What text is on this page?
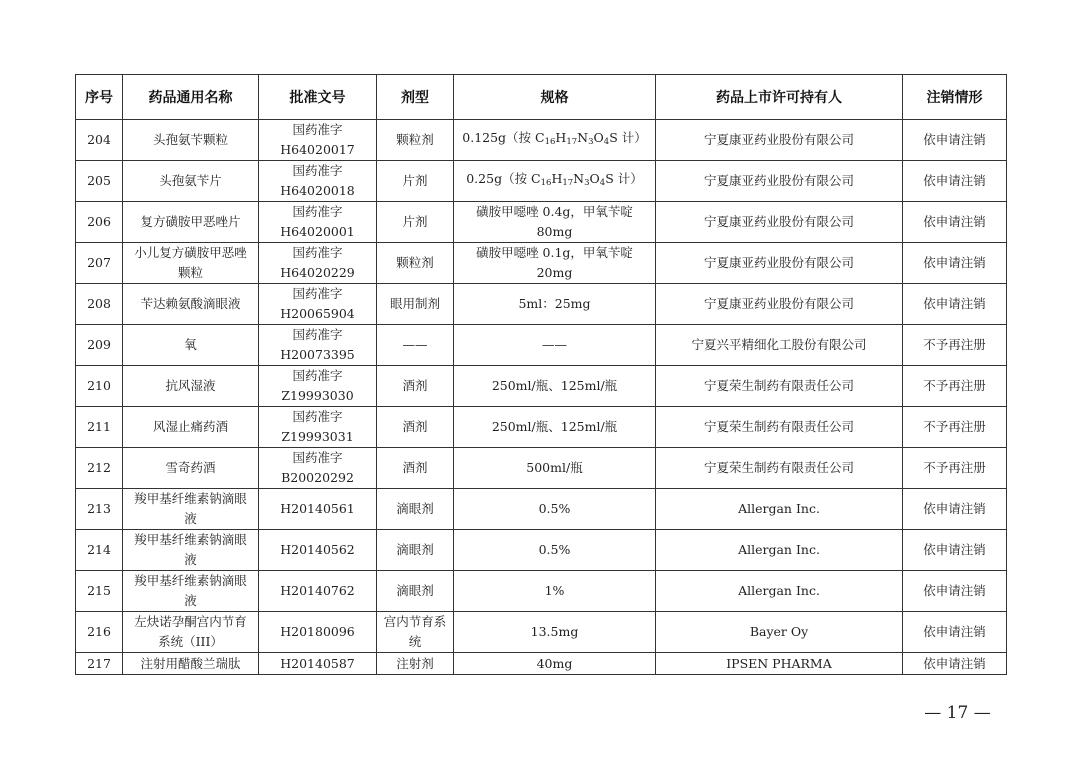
序号	药品通用名称	批准文号	剂型	规格	药品上市许可持有人	注销情形
204	头孢氨苄颗粒	国药准字
H64020017	颗粒剂	0.125g（按 $C_{16}H_{17}N_3O_4S$ 计）	宁夏康亚药业股份有限公司	依申请注销
205	头孢氨苄片	国药准字
H64020018	片剂	0.25g（按 $C_{16}H_{17}N_3O_4S$ 计）	宁夏康亚药业股份有限公司	依申请注销
206	复方磺胺甲恶唑片	国药准字
H64020001	片剂	磺胺甲噁唑 0.4g，甲氧苄啶
80mg	宁夏康亚药业股份有限公司	依申请注销
207	小儿复方磺胺甲恶唑
颗粒	国药准字
H64020229	颗粒剂	磺胺甲噁唑 0.1g，甲氧苄啶
20mg	宁夏康亚药业股份有限公司	依申请注销
208	苄达赖氨酸滴眼液	国药准字
H20065904	眼用制剂	5ml：25mg	宁夏康亚药业股份有限公司	依申请注销
209	氧	国药准字
H20073395	——	——	宁夏兴平精细化工股份有限公司	不予再注册
210	抗风湿液	国药准字
Z19993030	酒剂	250ml/瓶、125ml/瓶	宁夏荣生制药有限责任公司	不予再注册
211	风湿止痛药酒	国药准字
Z19993031	酒剂	250ml/瓶、125ml/瓶	宁夏荣生制药有限责任公司	不予再注册
212	雪奇药酒	国药准字
B20020292	酒剂	500ml/瓶	宁夏荣生制药有限责任公司	不予再注册
213	羧甲基纤维素钠滴眼
液	H20140561	滴眼剂	0.5%	Allergan Inc.	依申请注销
214	羧甲基纤维素钠滴眼
液	H20140562	滴眼剂	0.5%	Allergan Inc.	依申请注销
215	羧甲基纤维素钠滴眼
液	H20140762	滴眼剂	1%	Allergan Inc.	依申请注销
216	左炔诺孕酮宫内节育
系统（III）	H20180096	宫内节育系
统	13.5mg	Bayer Oy	依申请注销
217	注射用醋酸兰瑞肽	H20140587	注射剂	40mg	IPSEN PHARMA	依申请注销
— 17 —
